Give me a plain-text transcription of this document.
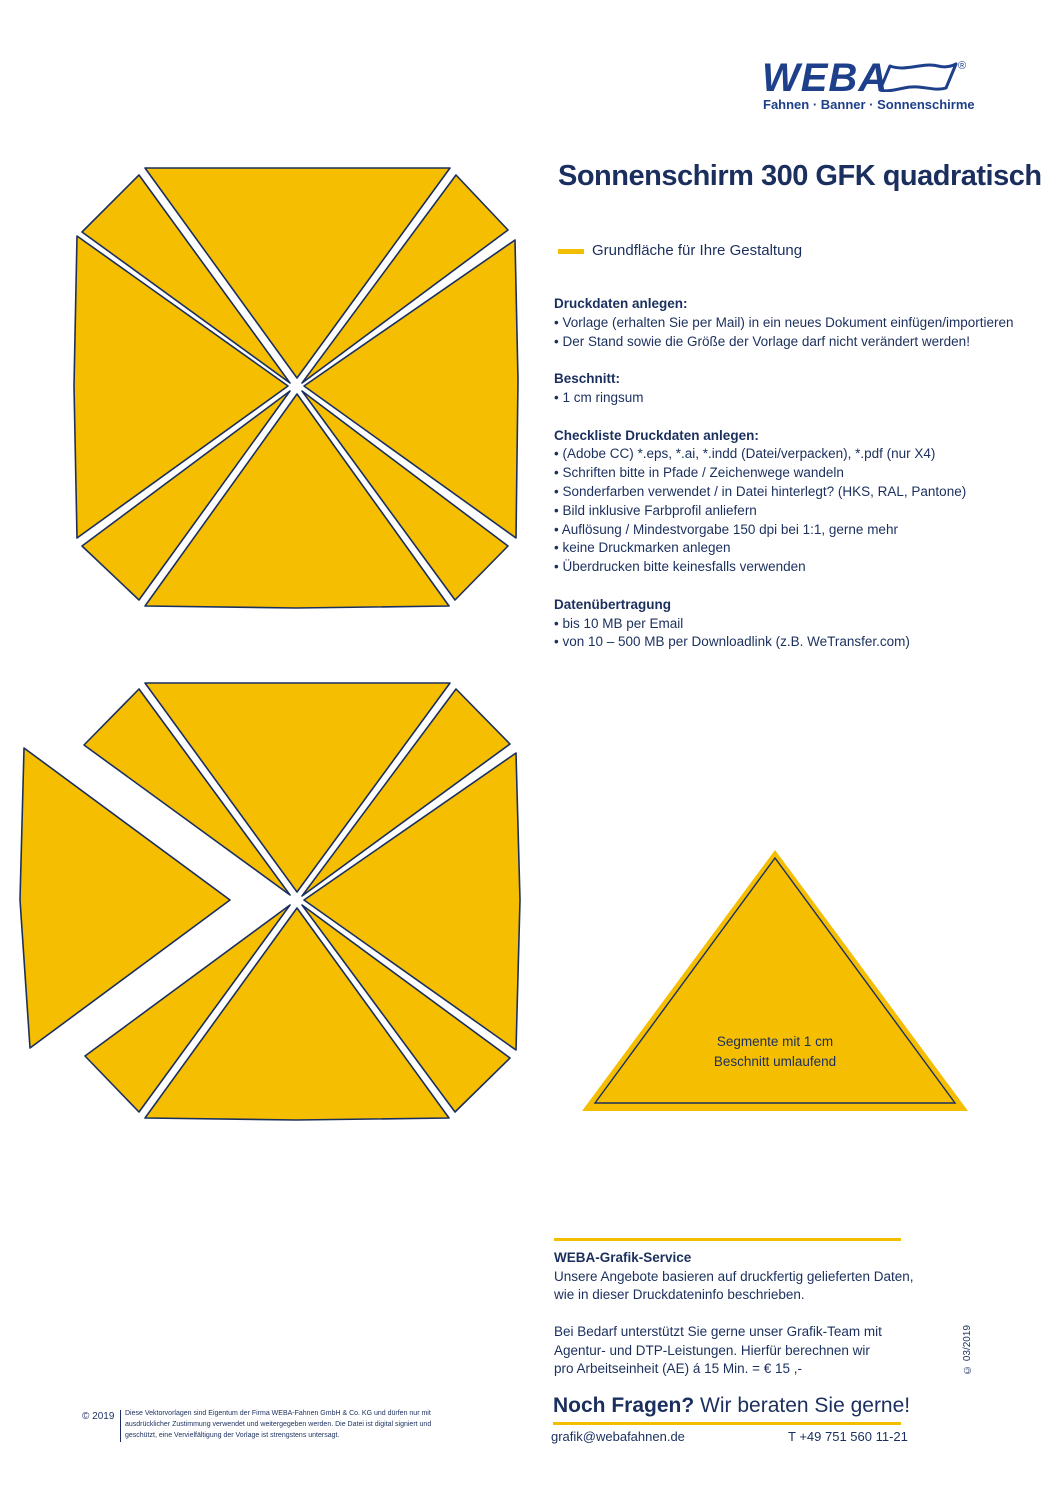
WEBA	®
Fahnen · Banner · Sonnenschirme
Sonnenschirm 300 GFK quadratisch
Grundfläche für Ihre Gestaltung
Druckdaten anlegen:
• Vorlage (erhalten Sie per Mail) in ein neues Dokument einfügen/importieren
• Der Stand sowie die Größe der Vorlage darf nicht verändert werden!
Beschnitt:
• 1 cm ringsum
Checkliste Druckdaten anlegen:
• (Adobe CC) *.eps, *.ai, *.indd (Datei/verpacken), *.pdf (nur X4)
• Schriften bitte in Pfade / Zeichenwege wandeln
• Sonderfarben verwendet / in Datei hinterlegt? (HKS, RAL, Pantone)
• Bild inklusive Farbprofil anliefern
• Auflösung / Mindestvorgabe 150 dpi bei 1:1, gerne mehr
• keine Druckmarken anlegen
• Überdrucken bitte keinesfalls verwenden
Datenübertragung
• bis 10 MB per Email
• von 10 – 500 MB per Downloadlink (z.B. WeTransfer.com)
Segmente mit 1 cm
Beschnitt umlaufend
WEBA-Grafik-Service
Unsere Angebote basieren auf druckfertig gelieferten Daten,
wie in dieser Druckdateninfo beschrieben.
Bei Bedarf unterstützt Sie gerne unser Grafik-Team mit
Agentur- und DTP-Leistungen. Hierfür berechnen wir
pro Arbeitseinheit (AE) á 15 Min. = € 15 ,-
Noch Fragen? Wir beraten Sie gerne!
grafik@webafahnen.de	T +49 751 560 11-21
© 2019 Diese Vektorvorlagen sind Eigentum der Firma WEBA-Fahnen GmbH & Co. KG und dürfen nur mit ausdrücklicher Zustimmung verwendet und weitergegeben werden. Die Datei ist digital signiert und geschützt, eine Vervielfältigung der Vorlage ist strengstens untersagt.
© 03/2019
